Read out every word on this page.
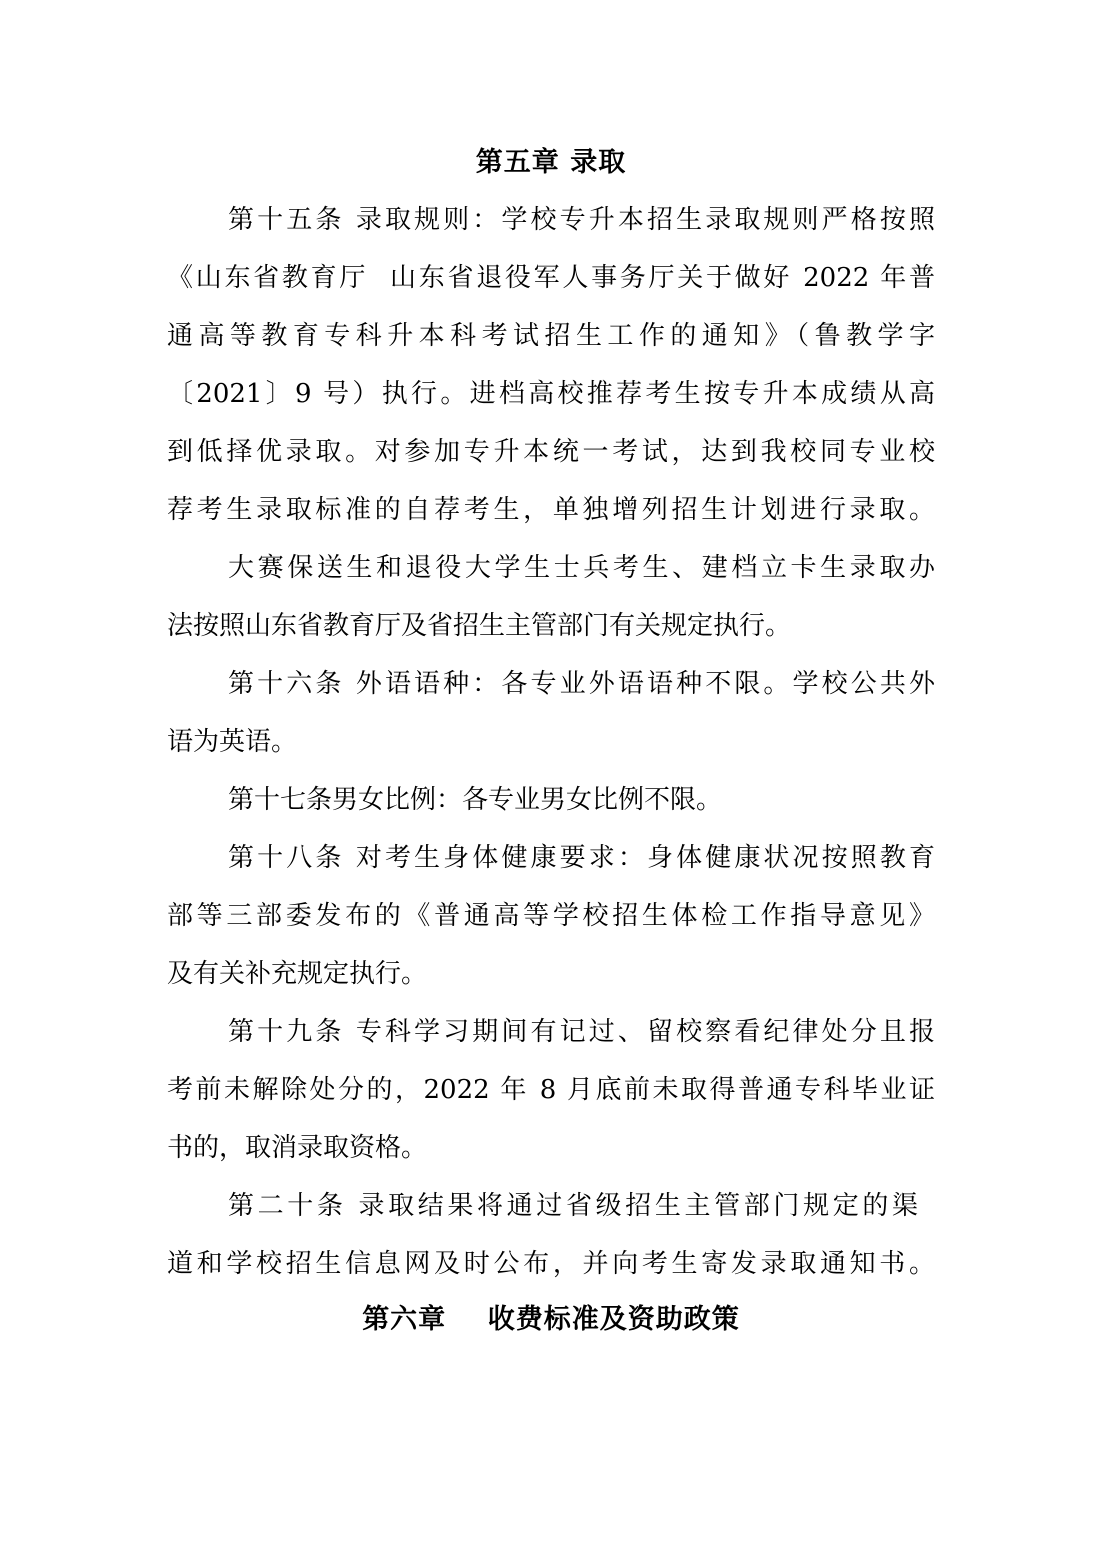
第五章 录取
第十五条 录取规则：学校专升本招生录取规则严格按照
《山东省教育厅  山东省退役军人事务厅关于做好 2022 年普
通高等教育专科升本科考试招生工作的通知》（鲁教学字
〔2021〕9 号）执行。进档高校推荐考生按专升本成绩从高
到低择优录取。对参加专升本统一考试，达到我校同专业校
荐考生录取标准的自荐考生，单独增列招生计划进行录取。
大赛保送生和退役大学生士兵考生、建档立卡生录取办
法按照山东省教育厅及省招生主管部门有关规定执行。
第十六条 外语语种：各专业外语语种不限。学校公共外
语为英语。
第十七条男女比例：各专业男女比例不限。
第十八条 对考生身体健康要求：身体健康状况按照教育
部等三部委发布的《普通高等学校招生体检工作指导意见》
及有关补充规定执行。
第十九条 专科学习期间有记过、留校察看纪律处分且报
考前未解除处分的，2022 年 8 月底前未取得普通专科毕业证
书的，取消录取资格。
第二十条 录取结果将通过省级招生主管部门规定的渠
道和学校招生信息网及时公布，并向考生寄发录取通知书。
第六章    收费标准及资助政策
